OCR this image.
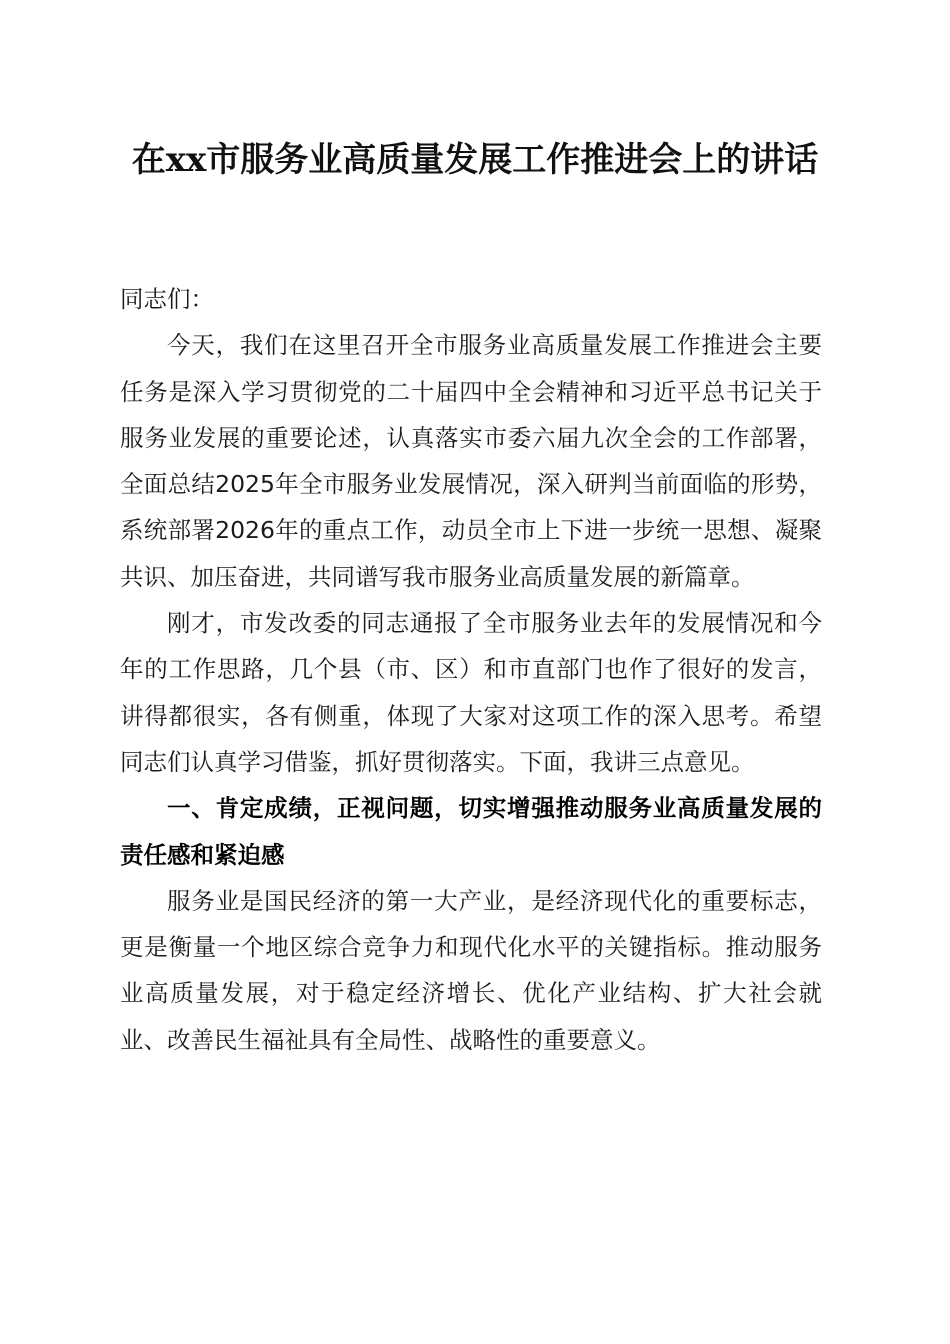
在xx市服务业高质量发展工作推进会上的讲话

同志们：

今天，我们在这里召开全市服务业高质量发展工作推进会主要任务是深入学习贯彻党的二十届四中全会精神和习近平总书记关于服务业发展的重要论述，认真落实市委六届九次全会的工作部署，全面总结2025年全市服务业发展情况，深入研判当前面临的形势，系统部署2026年的重点工作，动员全市上下进一步统一思想、凝聚共识、加压奋进，共同谱写我市服务业高质量发展的新篇章。

刚才，市发改委的同志通报了全市服务业去年的发展情况和今年的工作思路，几个县（市、区）和市直部门也作了很好的发言，讲得都很实，各有侧重，体现了大家对这项工作的深入思考。希望同志们认真学习借鉴，抓好贯彻落实。下面，我讲三点意见。

一、肯定成绩，正视问题，切实增强推动服务业高质量发展的责任感和紧迫感

服务业是国民经济的第一大产业，是经济现代化的重要标志，更是衡量一个地区综合竞争力和现代化水平的关键指标。推动服务业高质量发展，对于稳定经济增长、优化产业结构、扩大社会就业、改善民生福祉具有全局性、战略性的重要意义。
